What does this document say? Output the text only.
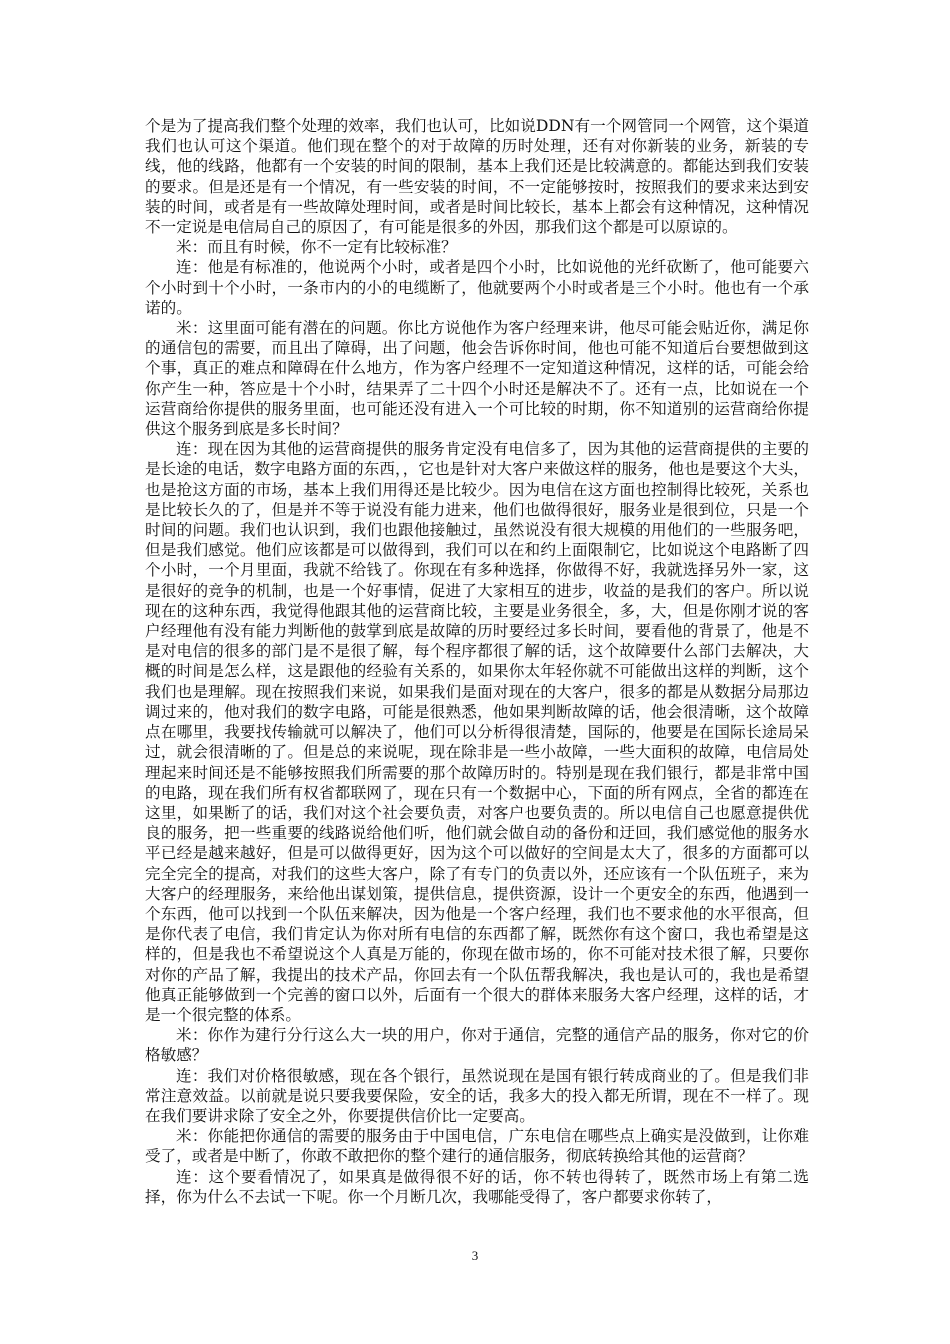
个是为了提高我们整个处理的效率，我们也认可，比如说DDN有一个网管同一个网管，这个渠道我们也认可这个渠道。他们现在整个的对于故障的历时处理，还有对你新装的业务，新装的专线，他的线路，他都有一个安装的时间的限制，基本上我们还是比较满意的。都能达到我们安装的要求。但是还是有一个情况，有一些安装的时间，不一定能够按时，按照我们的要求来达到安装的时间，或者是有一些故障处理时间，或者是时间比较长，基本上都会有这种情况，这种情况不一定说是电信局自己的原因了，有可能是很多的外因，那我们这个都是可以原谅的。

米：而且有时候，你不一定有比较标准？

连：他是有标准的，他说两个小时，或者是四个小时，比如说他的光纤砍断了，他可能要六个小时到十个小时，一条市内的小的电缆断了，他就要两个小时或者是三个小时。他也有一个承诺的。

米：这里面可能有潜在的问题。你比方说他作为客户经理来讲，他尽可能会贴近你，满足你的通信包的需要，而且出了障碍，出了问题，他会告诉你时间，他也可能不知道后台要想做到这个事，真正的难点和障碍在什么地方，作为客户经理不一定知道这种情况，这样的话，可能会给你产生一种，答应是十个小时，结果弄了二十四个小时还是解决不了。还有一点，比如说在一个运营商给你提供的服务里面，也可能还没有进入一个可比较的时期，你不知道别的运营商给你提供这个服务到底是多长时间？

连：现在因为其他的运营商提供的服务肯定没有电信多了，因为其他的运营商提供的主要的是长途的电话，数字电路方面的东西，，它也是针对大客户来做这样的服务，他也是要这个大头，也是抢这方面的市场，基本上我们用得还是比较少。因为电信在这方面也控制得比较死，关系也是比较长久的了，但是并不等于说没有能力进来，他们也做得很好，服务业是很到位，只是一个时间的问题。我们也认识到，我们也跟他接触过，虽然说没有很大规模的用他们的一些服务吧，但是我们感觉。他们应该都是可以做得到，我们可以在和约上面限制它，比如说这个电路断了四个小时，一个月里面，我就不给钱了。你现在有多种选择，你做得不好，我就选择另外一家，这是很好的竞争的机制，也是一个好事情，促进了大家相互的进步，收益的是我们的客户。所以说现在的这种东西，我觉得他跟其他的运营商比较，主要是业务很全，多，大，但是你刚才说的客户经理他有没有能力判断他的鼓掌到底是故障的历时要经过多长时间，要看他的背景了，他是不是对电信的很多的部门是不是很了解，每个程序都很了解的话，这个故障要什么部门去解决，大概的时间是怎么样，这是跟他的经验有关系的，如果你太年轻你就不可能做出这样的判断，这个我们也是理解。现在按照我们来说，如果我们是面对现在的大客户，很多的都是从数据分局那边调过来的，他对我们的数字电路，可能是很熟悉，他如果判断故障的话，他会很清晰，这个故障点在哪里，我要找传输就可以解决了，他们可以分析得很清楚，国际的，他要是在国际长途局呆过，就会很清晰的了。但是总的来说呢，现在除非是一些小故障，一些大面积的故障，电信局处理起来时间还是不能够按照我们所需要的那个故障历时的。特别是现在我们银行，都是非常中国的电路，现在我们所有权省都联网了，现在只有一个数据中心，下面的所有网点，全省的都连在这里，如果断了的话，我们对这个社会要负责，对客户也要负责的。所以电信自己也愿意提供优良的服务，把一些重要的线路说给他们听，他们就会做自动的备份和迂回，我们感觉他的服务水平已经是越来越好，但是可以做得更好，因为这个可以做好的空间是太大了，很多的方面都可以完全完全的提高，对我们的这些大客户，除了有专门的负责以外，还应该有一个队伍班子，来为大客户的经理服务，来给他出谋划策，提供信息，提供资源，设计一个更安全的东西，他遇到一个东西，他可以找到一个队伍来解决，因为他是一个客户经理，我们也不要求他的水平很高，但是你代表了电信，我们肯定认为你对所有电信的东西都了解，既然你有这个窗口，我也希望是这样的，但是我也不希望说这个人真是万能的，你现在做市场的，你不可能对技术很了解，只要你对你的产品了解，我提出的技术产品，你回去有一个队伍帮我解决，我也是认可的，我也是希望他真正能够做到一个完善的窗口以外，后面有一个很大的群体来服务大客户经理，这样的话，才是一个很完整的体系。

米：你作为建行分行这么大一块的用户，你对于通信，完整的通信产品的服务，你对它的价格敏感？

连：我们对价格很敏感，现在各个银行，虽然说现在是国有银行转成商业的了。但是我们非常注意效益。以前就是说只要我要保险，安全的话，我多大的投入都无所谓，现在不一样了。现在我们要讲求除了安全之外，你要提供信价比一定要高。

米：你能把你通信的需要的服务由于中国电信，广东电信在哪些点上确实是没做到，让你难受了，或者是中断了，你敢不敢把你的整个建行的通信服务，彻底转换给其他的运营商？

连：这个要看情况了，如果真是做得很不好的话，你不转也得转了，既然市场上有第二选择，你为什么不去试一下呢。你一个月断几次，我哪能受得了，客户都要求你转了，

3
